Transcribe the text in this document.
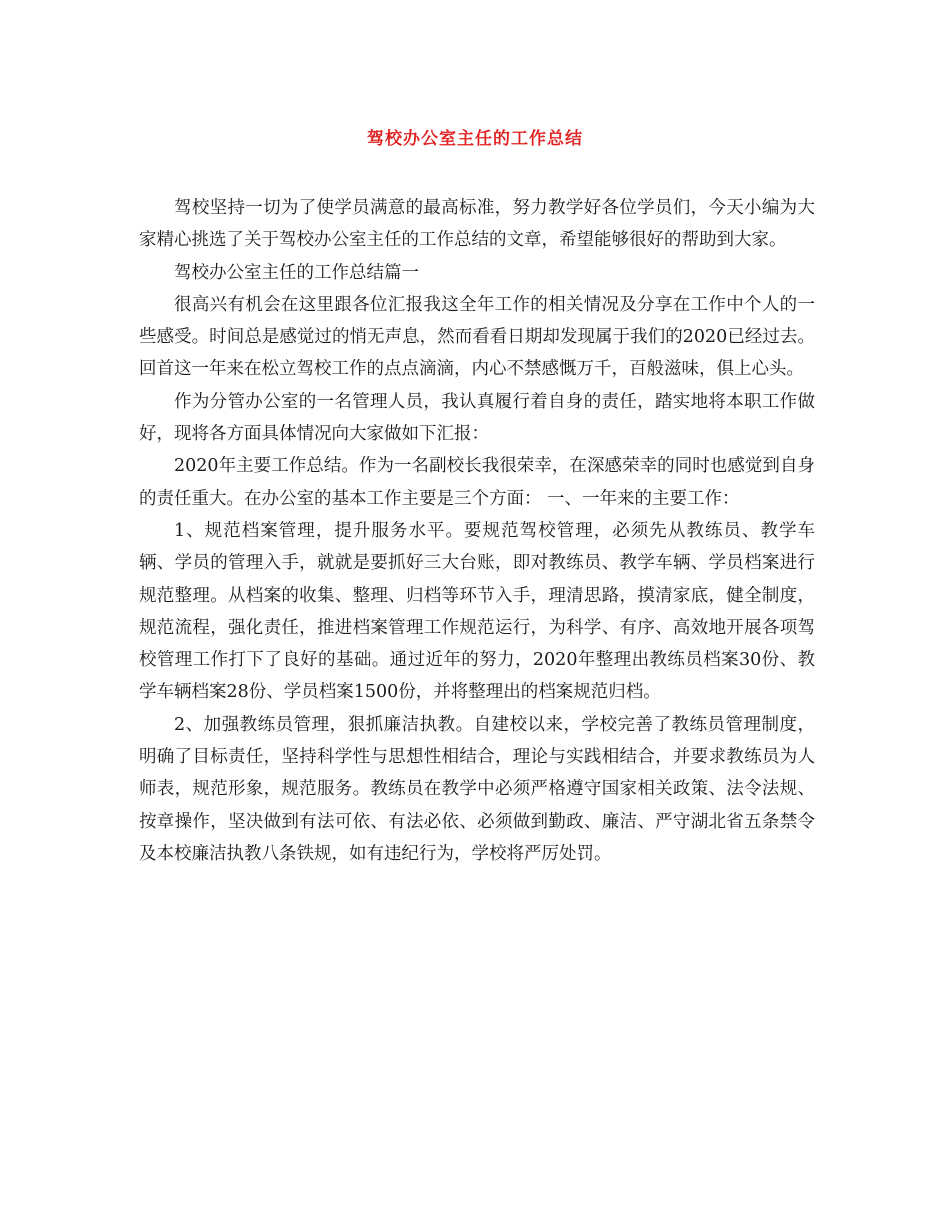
驾校办公室主任的工作总结

驾校坚持一切为了使学员满意的最高标准，努力教学好各位学员们，今天小编为大家精心挑选了关于驾校办公室主任的工作总结的文章，希望能够很好的帮助到大家。

驾校办公室主任的工作总结篇一

很高兴有机会在这里跟各位汇报我这全年工作的相关情况及分享在工作中个人的一些感受。时间总是感觉过的悄无声息，然而看看日期却发现属于我们的2020已经过去。回首这一年来在松立驾校工作的点点滴滴，内心不禁感慨万千，百般滋味，俱上心头。

作为分管办公室的一名管理人员，我认真履行着自身的责任，踏实地将本职工作做好，现将各方面具体情况向大家做如下汇报：

2020年主要工作总结。作为一名副校长我很荣幸，在深感荣幸的同时也感觉到自身的责任重大。在办公室的基本工作主要是三个方面： 一、一年来的主要工作：

1、规范档案管理，提升服务水平。要规范驾校管理，必须先从教练员、教学车辆、学员的管理入手，就就是要抓好三大台账，即对教练员、教学车辆、学员档案进行规范整理。从档案的收集、整理、归档等环节入手，理清思路，摸清家底，健全制度，规范流程，强化责任，推进档案管理工作规范运行，为科学、有序、高效地开展各项驾校管理工作打下了良好的基础。通过近年的努力，2020年整理出教练员档案30份、教学车辆档案28份、学员档案1500份，并将整理出的档案规范归档。

2、加强教练员管理，狠抓廉洁执教。自建校以来，学校完善了教练员管理制度，明确了目标责任，坚持科学性与思想性相结合，理论与实践相结合，并要求教练员为人师表，规范形象，规范服务。教练员在教学中必须严格遵守国家相关政策、法令法规、按章操作，坚决做到有法可依、有法必依、必须做到勤政、廉洁、严守湖北省五条禁令及本校廉洁执教八条铁规，如有违纪行为，学校将严厉处罚。
